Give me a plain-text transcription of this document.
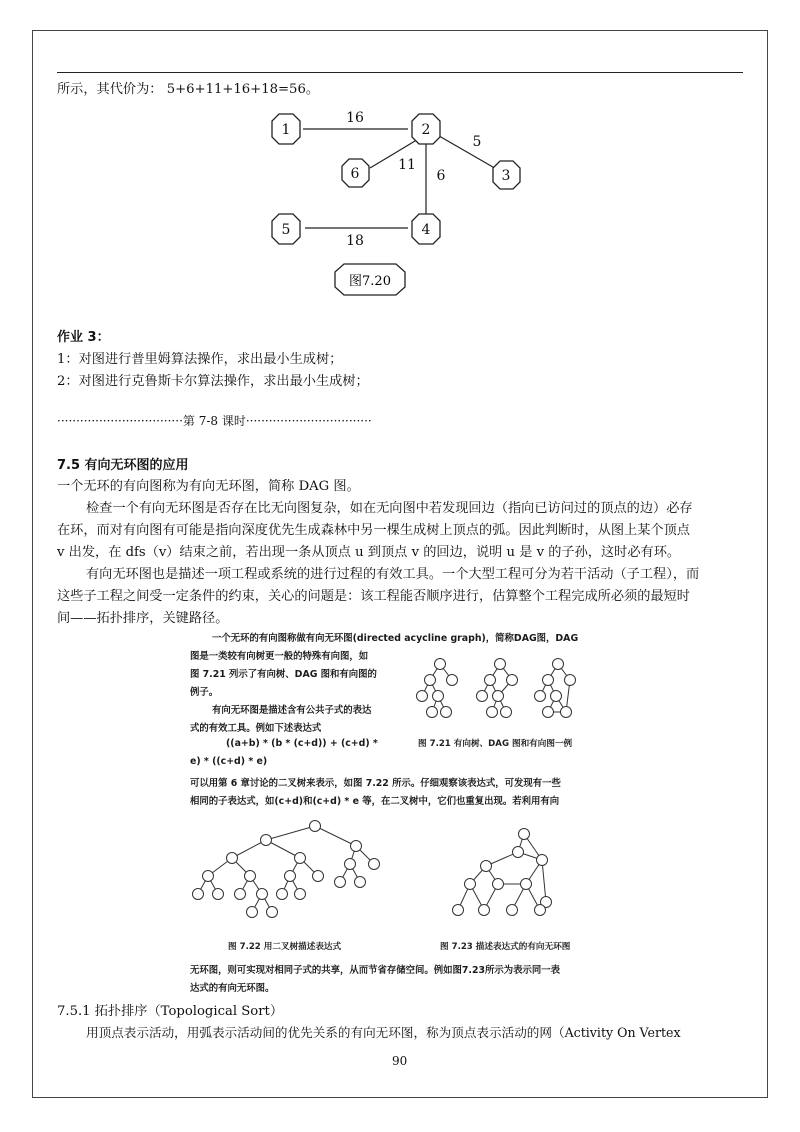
所示，其代价为： 5+6+11+16+18=56。
1	2
3
4
5
6
16
5
11
6
18
图7.20
作业 3：
1：对图进行普里姆算法操作，求出最小生成树；
2：对图进行克鲁斯卡尔算法操作，求出最小生成树；
·································第 7-8 课时·································
7.5 有向无环图的应用
一个无环的有向图称为有向无环图，简称 DAG 图。
检查一个有向无环图是否存在比无向图复杂，如在无向图中若发现回边（指向已访问过的顶点的边）必存
在环，而对有向图有可能是指向深度优先生成森林中另一棵生成树上顶点的弧。因此判断时，从图上某个顶点
v 出发，在 dfs（v）结束之前，若出现一条从顶点 u 到顶点 v 的回边，说明 u 是 v 的子孙，这时必有环。
有向无环图也是描述一项工程或系统的进行过程的有效工具。一个大型工程可分为若干活动（子工程），而
这些子工程之间受一定条件的约束，关心的问题是：该工程能否顺序进行，估算整个工程完成所必须的最短时
间——拓扑排序，关键路径。
一个无环的有向图称做有向无环图(directed acycline graph)，简称DAG图，DAG
图是一类较有向树更一般的特殊有向图，如
图 7.21 列示了有向树、DAG 图和有向图的
例子。
有向无环图是描述含有公共子式的表达
式的有效工具。例如下述表达式
((a+b) * (b * (c+d)) + (c+d) *
e) * ((c+d) * e)
图 7.21 有向树、DAG 图和有向图一例
可以用第 6 章讨论的二叉树来表示，如图 7.22 所示。仔细观察该表达式，可发现有一些
相同的子表达式，如(c+d)和(c+d) * e 等，在二叉树中，它们也重复出现。若利用有向
图 7.22 用二叉树描述表达式	图 7.23 描述表达式的有向无环图
无环图，则可实现对相同子式的共享，从而节省存储空间。例如图7.23所示为表示同一表
达式的有向无环图。
7.5.1 拓扑排序（Topological Sort）
用顶点表示活动，用弧表示活动间的优先关系的有向无环图，称为顶点表示活动的网（Activity On Vertex
90
